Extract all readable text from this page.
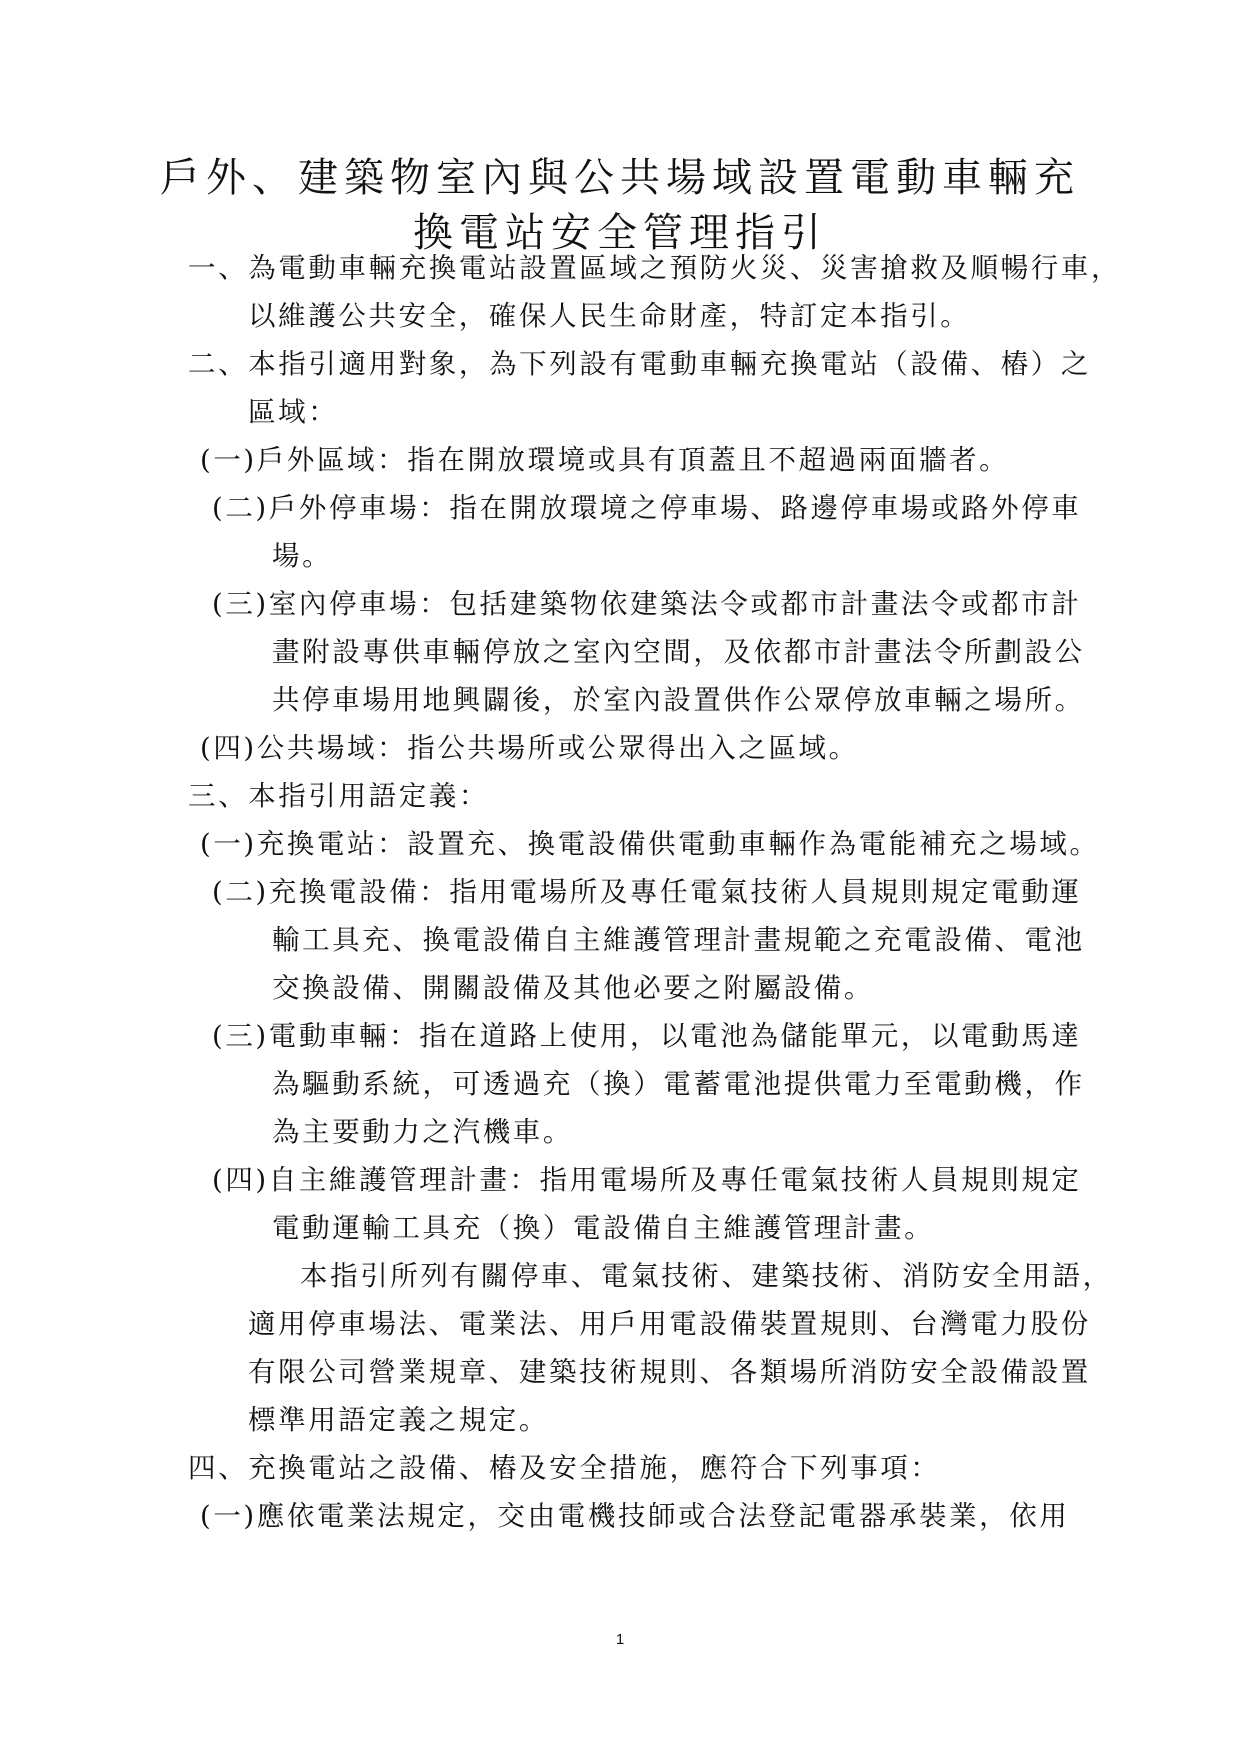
戶外、建築物室內與公共場域設置電動車輛充
換電站安全管理指引
一、為電動車輛充換電站設置區域之預防火災、災害搶救及順暢行車，
以維護公共安全，確保人民生命財產，特訂定本指引。
二、本指引適用對象，為下列設有電動車輛充換電站（設備、樁）之
區域：
(一)戶外區域：指在開放環境或具有頂蓋且不超過兩面牆者。
(二)戶外停車場：指在開放環境之停車場、路邊停車場或路外停車
場。
(三)室內停車場：包括建築物依建築法令或都市計畫法令或都市計
畫附設專供車輛停放之室內空間，及依都市計畫法令所劃設公
共停車場用地興闢後，於室內設置供作公眾停放車輛之場所。
(四)公共場域：指公共場所或公眾得出入之區域。
三、本指引用語定義：
(一)充換電站：設置充、換電設備供電動車輛作為電能補充之場域。
(二)充換電設備：指用電場所及專任電氣技術人員規則規定電動運
輸工具充、換電設備自主維護管理計畫規範之充電設備、電池
交換設備、開關設備及其他必要之附屬設備。
(三)電動車輛：指在道路上使用，以電池為儲能單元，以電動馬達
為驅動系統，可透過充（換）電蓄電池提供電力至電動機，作
為主要動力之汽機車。
(四)自主維護管理計畫：指用電場所及專任電氣技術人員規則規定
電動運輸工具充（換）電設備自主維護管理計畫。
本指引所列有關停車、電氣技術、建築技術、消防安全用語，
適用停車場法、電業法、用戶用電設備裝置規則、台灣電力股份
有限公司營業規章、建築技術規則、各類場所消防安全設備設置
標準用語定義之規定。
四、充換電站之設備、樁及安全措施，應符合下列事項：
(一)應依電業法規定，交由電機技師或合法登記電器承裝業，依用
1
